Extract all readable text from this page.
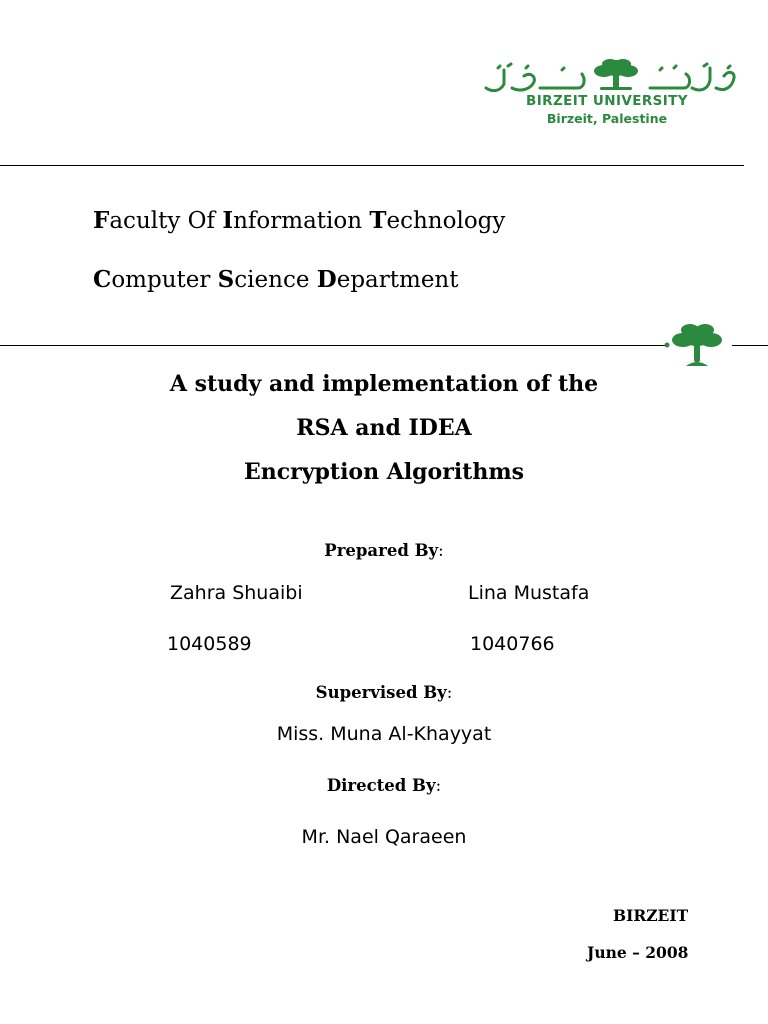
BIRZEIT UNIVERSITY
Birzeit, Palestine
Faculty Of Information Technology
Computer Science Department
A study and implementation of the
RSA and IDEA
Encryption Algorithms
Prepared By:
Zahra Shuaibi	Lina Mustafa
1040589	1040766
Supervised By:
Miss. Muna Al-Khayyat
Directed By:
Mr. Nael Qaraeen
BIRZEIT
June – 2008
